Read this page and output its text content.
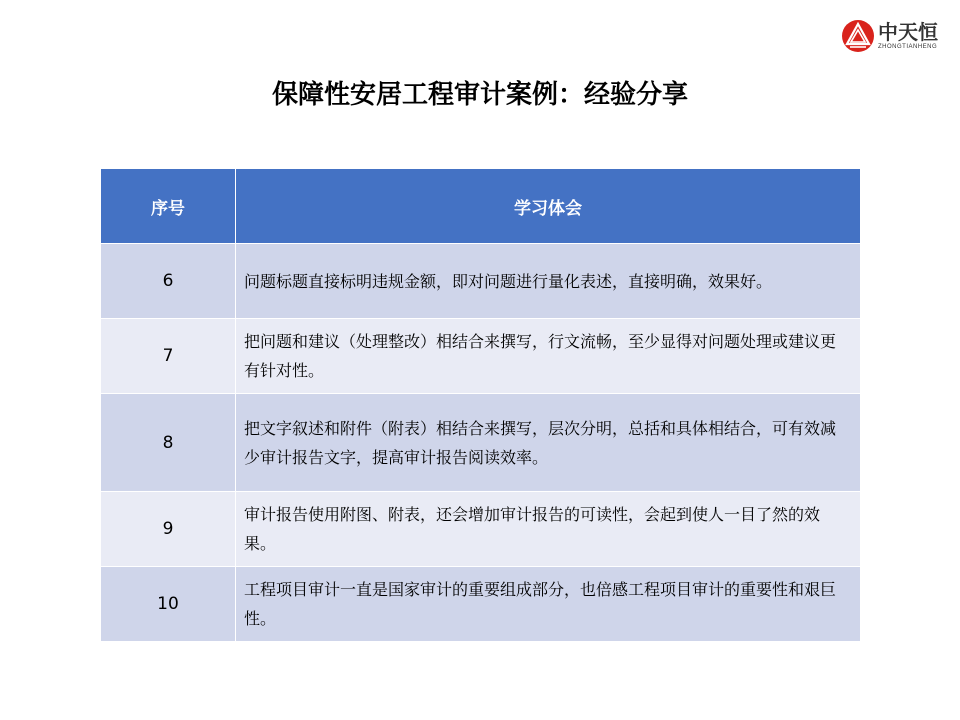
中天恒
ZHONGTIANHENG
保障性安居工程审计案例：经验分享
序号	学习体会
6	问题标题直接标明违规金额，即对问题进行量化表述，直接明确，效果好。
7	把问题和建议（处理整改）相结合来撰写，行文流畅，至少显得对问题处理或建议更有针对性。
8	把文字叙述和附件（附表）相结合来撰写，层次分明，总括和具体相结合，可有效减少审计报告文字，提高审计报告阅读效率。
9	审计报告使用附图、附表，还会增加审计报告的可读性，会起到使人一目了然的效果。
10	工程项目审计一直是国家审计的重要组成部分，也倍感工程项目审计的重要性和艰巨性。
